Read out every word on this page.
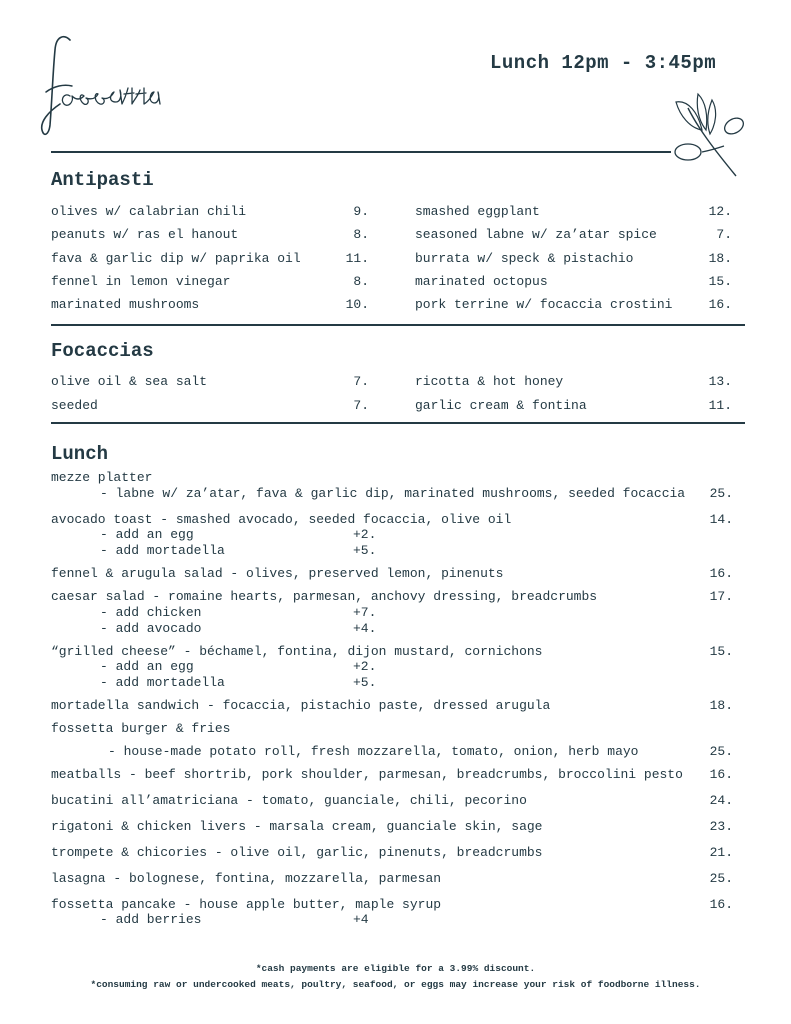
Lunch 12pm - 3:45pm
Antipasti
olives w/ calabrian chili	9.
peanuts w/ ras el hanout	8.
fava & garlic dip w/ paprika oil	11.
fennel in lemon vinegar	8.
marinated mushrooms	10.
smashed eggplant	12.
seasoned labne w/ za’atar spice	7.
burrata w/ speck & pistachio	18.
marinated octopus	15.
pork terrine w/ focaccia crostini	16.
Focaccias
olive oil & sea salt	7.
seeded	7.
ricotta & hot honey	13.
garlic cream & fontina	11.
Lunch
mezze platter
- labne w/ za’atar, fava & garlic dip, marinated mushrooms, seeded focaccia	25.
avocado toast - smashed avocado, seeded focaccia, olive oil	14.
- add an egg	+2.
- add mortadella	+5.
fennel & arugula salad - olives, preserved lemon, pinenuts	16.
caesar salad - romaine hearts, parmesan, anchovy dressing, breadcrumbs	17.
- add chicken	+7.
- add avocado	+4.
“grilled cheese” - béchamel, fontina, dijon mustard, cornichons	15.
- add an egg	+2.
- add mortadella	+5.
mortadella sandwich - focaccia, pistachio paste, dressed arugula	18.
fossetta burger & fries
- house-made potato roll, fresh mozzarella, tomato, onion, herb mayo	25.
meatballs - beef shortrib, pork shoulder, parmesan, breadcrumbs, broccolini pesto	16.
bucatini all’amatriciana - tomato, guanciale, chili, pecorino	24.
rigatoni & chicken livers - marsala cream, guanciale skin, sage	23.
trompete & chicories - olive oil, garlic, pinenuts, breadcrumbs	21.
lasagna - bolognese, fontina, mozzarella, parmesan	25.
fossetta pancake - house apple butter, maple syrup	16.
- add berries	+4
*cash payments are eligible for a 3.99% discount.
*consuming raw or undercooked meats, poultry, seafood, or eggs may increase your risk of foodborne illness.
